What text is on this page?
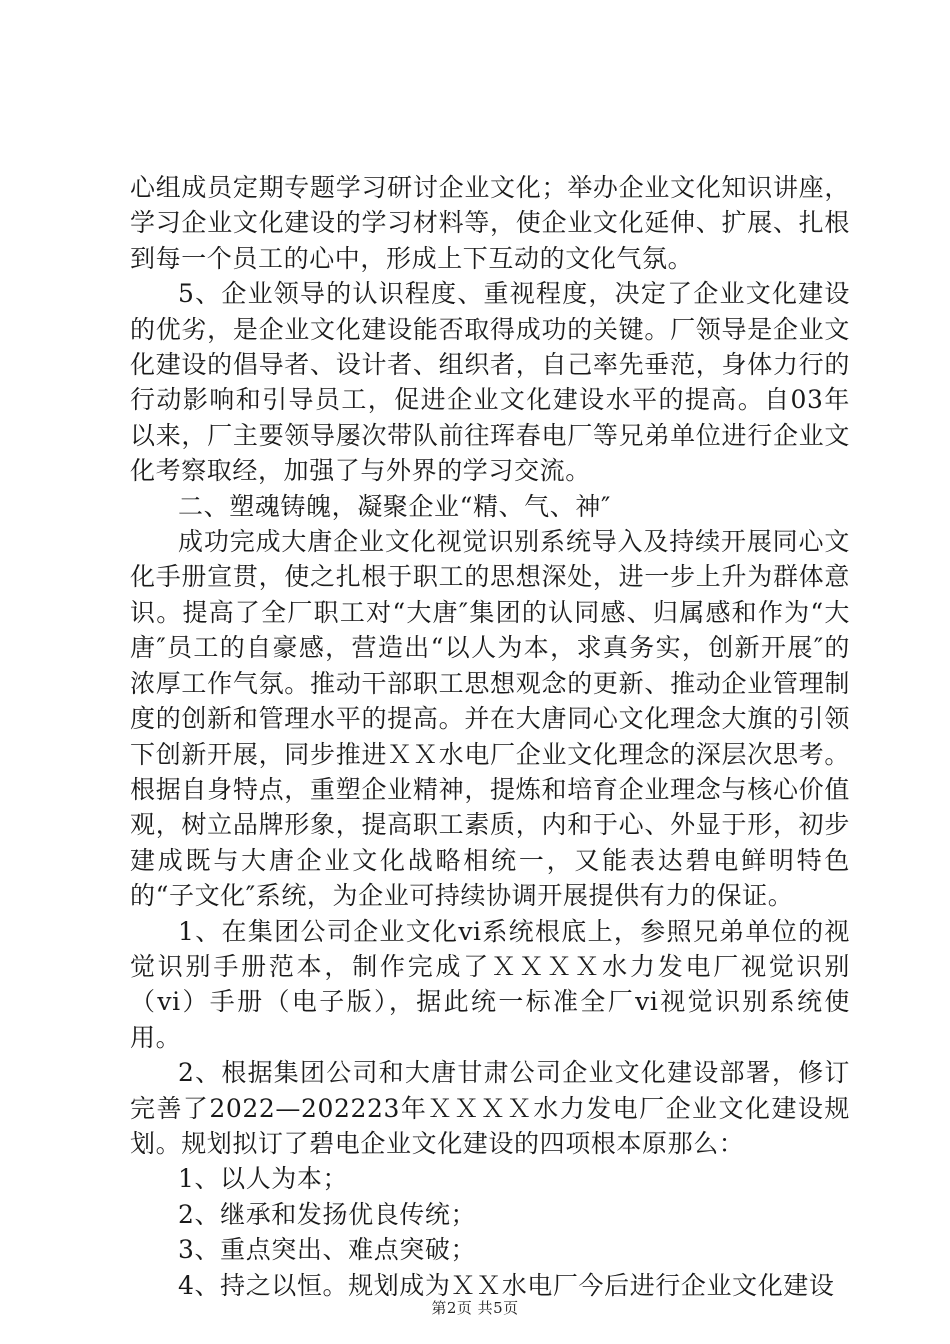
心组成员定期专题学习研讨企业文化；举办企业文化知识讲座，学习企业文化建设的学习材料等，使企业文化延伸、扩展、扎根到每一个员工的心中，形成上下互动的文化气氛。

5、企业领导的认识程度、重视程度，决定了企业文化建设的优劣，是企业文化建设能否取得成功的关键。厂领导是企业文化建设的倡导者、设计者、组织者，自己率先垂范，身体力行的行动影响和引导员工，促进企业文化建设水平的提高。自03年以来，厂主要领导屡次带队前往珲春电厂等兄弟单位进行企业文化考察取经，加强了与外界的学习交流。

二、塑魂铸魄，凝聚企业“精、气、神″

成功完成大唐企业文化视觉识别系统导入及持续开展同心文化手册宣贯，使之扎根于职工的思想深处，进一步上升为群体意识。提高了全厂职工对“大唐″集团的认同感、归属感和作为“大唐″员工的自豪感，营造出“以人为本，求真务实，创新开展″的浓厚工作气氛。推动干部职工思想观念的更新、推动企业管理制度的创新和管理水平的提高。并在大唐同心文化理念大旗的引领下创新开展，同步推进ＸＸ水电厂企业文化理念的深层次思考。根据自身特点，重塑企业精神，提炼和培育企业理念与核心价值观，树立品牌形象，提高职工素质，内和于心、外显于形，初步建成既与大唐企业文化战略相统一，又能表达碧电鲜明特色的“子文化″系统，为企业可持续协调开展提供有力的保证。

1、在集团公司企业文化vi系统根底上，参照兄弟单位的视觉识别手册范本，制作完成了ＸＸＸＸ水力发电厂视觉识别（vi）手册（电子版），据此统一标准全厂vi视觉识别系统使用。

2、根据集团公司和大唐甘肃公司企业文化建设部署，修订完善了2022—202223年ＸＸＸＸ水力发电厂企业文化建设规划。规划拟订了碧电企业文化建设的四项根本原那么：

1、以人为本；

2、继承和发扬优良传统；

3、重点突出、难点突破；

4、持之以恒。规划成为ＸＸ水电厂今后进行企业文化建设

第2页 共5页
